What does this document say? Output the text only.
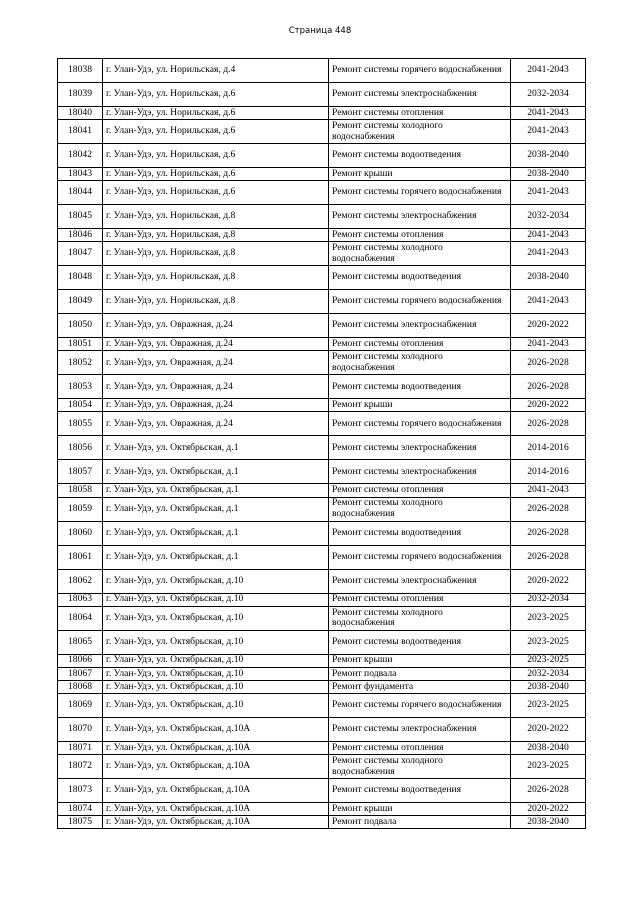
Страница 448
18038	г. Улан-Удэ, ул. Норильская, д.4	Ремонт системы горячего водоснабжения	2041-2043
18039	г. Улан-Удэ, ул. Норильская, д.6	Ремонт системы электроснабжения	2032-2034
18040	г. Улан-Удэ, ул. Норильская, д.6	Ремонт системы отопления	2041-2043
18041	г. Улан-Удэ, ул. Норильская, д.6	Ремонт системы холодного водоснабжения	2041-2043
18042	г. Улан-Удэ, ул. Норильская, д.6	Ремонт системы водоотведения	2038-2040
18043	г. Улан-Удэ, ул. Норильская, д.6	Ремонт крыши	2038-2040
18044	г. Улан-Удэ, ул. Норильская, д.6	Ремонт системы горячего водоснабжения	2041-2043
18045	г. Улан-Удэ, ул. Норильская, д.8	Ремонт системы электроснабжения	2032-2034
18046	г. Улан-Удэ, ул. Норильская, д.8	Ремонт системы отопления	2041-2043
18047	г. Улан-Удэ, ул. Норильская, д.8	Ремонт системы холодного водоснабжения	2041-2043
18048	г. Улан-Удэ, ул. Норильская, д.8	Ремонт системы водоотведения	2038-2040
18049	г. Улан-Удэ, ул. Норильская, д.8	Ремонт системы горячего водоснабжения	2041-2043
18050	г. Улан-Удэ, ул. Овражная, д.24	Ремонт системы электроснабжения	2020-2022
18051	г. Улан-Удэ, ул. Овражная, д.24	Ремонт системы отопления	2041-2043
18052	г. Улан-Удэ, ул. Овражная, д.24	Ремонт системы холодного водоснабжения	2026-2028
18053	г. Улан-Удэ, ул. Овражная, д.24	Ремонт системы водоотведения	2026-2028
18054	г. Улан-Удэ, ул. Овражная, д.24	Ремонт крыши	2020-2022
18055	г. Улан-Удэ, ул. Овражная, д.24	Ремонт системы горячего водоснабжения	2026-2028
18056	г. Улан-Удэ, ул. Октябрьская, д.1	Ремонт системы электроснабжения	2014-2016
18057	г. Улан-Удэ, ул. Октябрьская, д.1	Ремонт системы электроснабжения	2014-2016
18058	г. Улан-Удэ, ул. Октябрьская, д.1	Ремонт системы отопления	2041-2043
18059	г. Улан-Удэ, ул. Октябрьская, д.1	Ремонт системы холодного водоснабжения	2026-2028
18060	г. Улан-Удэ, ул. Октябрьская, д.1	Ремонт системы водоотведения	2026-2028
18061	г. Улан-Удэ, ул. Октябрьская, д.1	Ремонт системы горячего водоснабжения	2026-2028
18062	г. Улан-Удэ, ул. Октябрьская, д.10	Ремонт системы электроснабжения	2020-2022
18063	г. Улан-Удэ, ул. Октябрьская, д.10	Ремонт системы отопления	2032-2034
18064	г. Улан-Удэ, ул. Октябрьская, д.10	Ремонт системы холодного водоснабжения	2023-2025
18065	г. Улан-Удэ, ул. Октябрьская, д.10	Ремонт системы водоотведения	2023-2025
18066	г. Улан-Удэ, ул. Октябрьская, д.10	Ремонт крыши	2023-2025
18067	г. Улан-Удэ, ул. Октябрьская, д.10	Ремонт подвала	2032-2034
18068	г. Улан-Удэ, ул. Октябрьская, д.10	Ремонт фундамента	2038-2040
18069	г. Улан-Удэ, ул. Октябрьская, д.10	Ремонт системы горячего водоснабжения	2023-2025
18070	г. Улан-Удэ, ул. Октябрьская, д.10А	Ремонт системы электроснабжения	2020-2022
18071	г. Улан-Удэ, ул. Октябрьская, д.10А	Ремонт системы отопления	2038-2040
18072	г. Улан-Удэ, ул. Октябрьская, д.10А	Ремонт системы холодного водоснабжения	2023-2025
18073	г. Улан-Удэ, ул. Октябрьская, д.10А	Ремонт системы водоотведения	2026-2028
18074	г. Улан-Удэ, ул. Октябрьская, д.10А	Ремонт крыши	2020-2022
18075	г. Улан-Удэ, ул. Октябрьская, д.10А	Ремонт подвала	2038-2040
